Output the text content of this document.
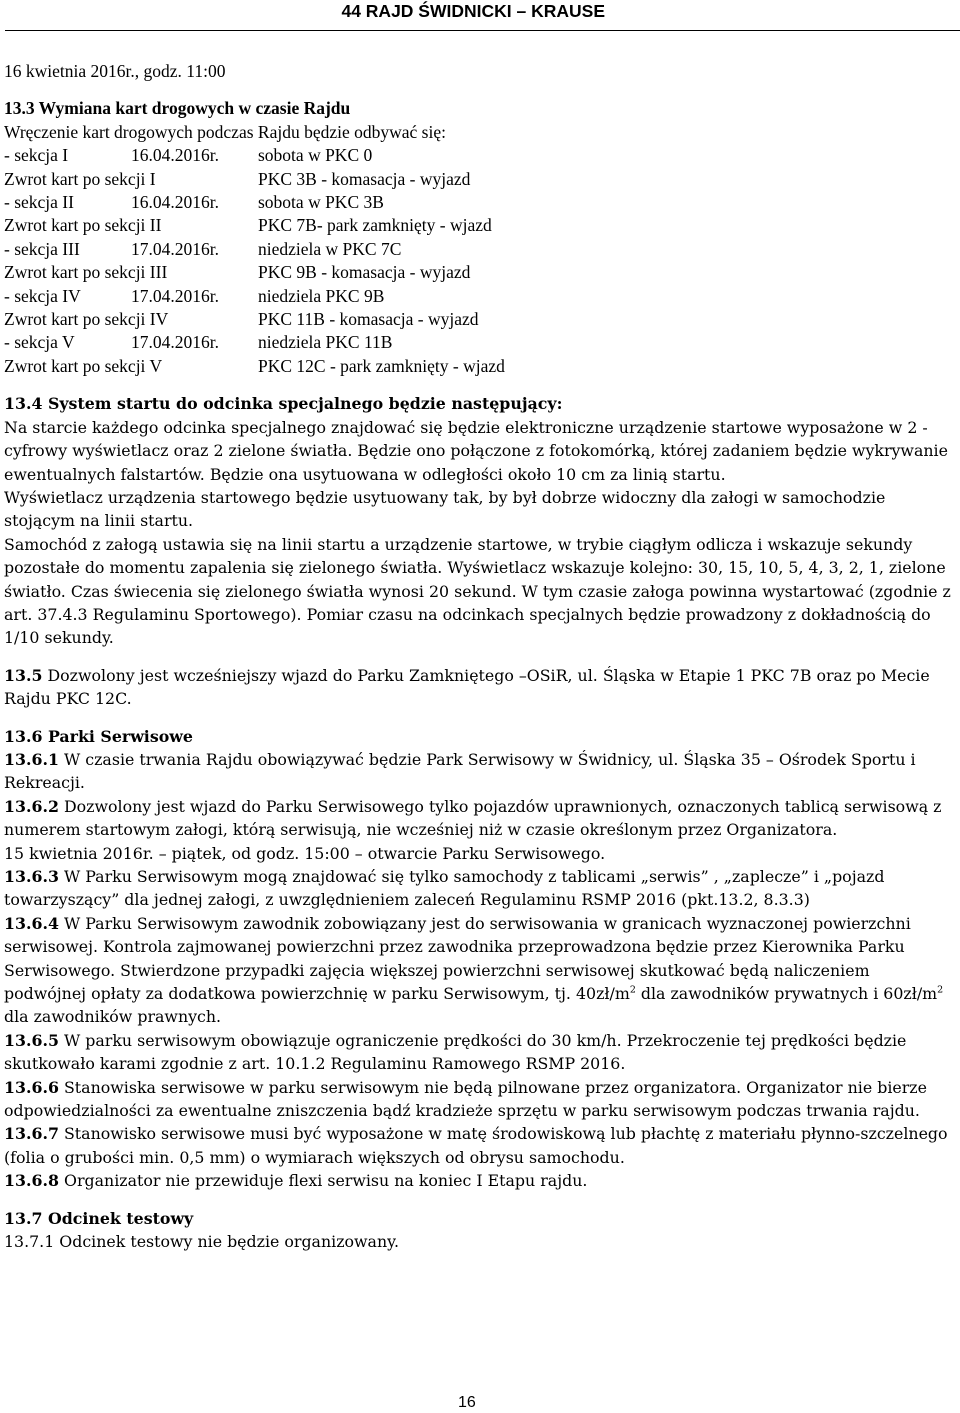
44 RAJD ŚWIDNICKI – KRAUSE

16 kwietnia 2016r., godz. 11:00

13.3 Wymiana kart drogowych w czasie Rajdu

Wręczenie kart drogowych podczas Rajdu będzie odbywać się:

- sekcja I	16.04.2016r.	sobota w PKC 0
Zwrot kart po sekcji I	PKC 3B - komasacja - wyjazd
- sekcja II	16.04.2016r.	sobota w PKC 3B
Zwrot kart po sekcji II	PKC 7B- park zamknięty - wjazd
- sekcja III	17.04.2016r.	niedziela w PKC 7C
Zwrot kart po sekcji III	PKC 9B - komasacja - wyjazd
- sekcja IV	17.04.2016r.	niedziela PKC 9B
Zwrot kart po sekcji IV	PKC 11B - komasacja - wyjazd
- sekcja V	17.04.2016r.	niedziela PKC 11B
Zwrot kart po sekcji V	PKC 12C - park zamknięty - wjazd

13.4 System startu do odcinka specjalnego będzie następujący:

Na starcie każdego odcinka specjalnego znajdować się będzie elektroniczne urządzenie startowe wyposażone w 2 - cyfrowy wyświetlacz oraz 2 zielone światła. Będzie ono połączone z fotokomórką, której zadaniem będzie wykrywanie ewentualnych falstartów. Będzie ona usytuowana w odległości około 10 cm za linią startu.

Wyświetlacz urządzenia startowego będzie usytuowany tak, by był dobrze widoczny dla załogi w samochodzie stojącym na linii startu.

Samochód z załogą ustawia się na linii startu a urządzenie startowe, w trybie ciągłym odlicza i wskazuje sekundy pozostałe do momentu zapalenia się zielonego światła. Wyświetlacz wskazuje kolejno: 30, 15, 10, 5, 4, 3, 2, 1, zielone światło. Czas świecenia się zielonego światła wynosi 20 sekund. W tym czasie załoga powinna wystartować (zgodnie z art. 37.4.3 Regulaminu Sportowego). Pomiar czasu na odcinkach specjalnych będzie prowadzony z dokładnością do 1/10 sekundy.

13.5 Dozwolony jest wcześniejszy wjazd do Parku Zamkniętego –OSiR, ul. Śląska w Etapie 1 PKC 7B oraz po Mecie Rajdu PKC 12C.

13.6 Parki Serwisowe

13.6.1 W czasie trwania Rajdu obowiązywać będzie Park Serwisowy w Świdnicy, ul. Śląska 35 – Ośrodek Sportu i Rekreacji.

13.6.2 Dozwolony jest wjazd do Parku Serwisowego tylko pojazdów uprawnionych, oznaczonych tablicą serwisową z numerem startowym załogi, którą serwisują, nie wcześniej niż w czasie określonym przez Organizatora.

15 kwietnia 2016r. – piątek, od godz. 15:00 – otwarcie Parku Serwisowego.

13.6.3 W Parku Serwisowym mogą znajdować się tylko samochody z tablicami „serwis” , „zaplecze” i „pojazd towarzyszący” dla jednej załogi, z uwzględnieniem zaleceń Regulaminu RSMP 2016 (pkt.13.2, 8.3.3)

13.6.4 W Parku Serwisowym zawodnik zobowiązany jest do serwisowania w granicach wyznaczonej powierzchni serwisowej. Kontrola zajmowanej powierzchni przez zawodnika przeprowadzona będzie przez Kierownika Parku Serwisowego. Stwierdzone przypadki zajęcia większej powierzchni serwisowej skutkować będą naliczeniem podwójnej opłaty za dodatkowa powierzchnię w parku Serwisowym, tj. $40zł/m^2$ dla zawodników prywatnych i $60zł/m^2$ dla zawodników prawnych.

13.6.5 W parku serwisowym obowiązuje ograniczenie prędkości do 30 km/h. Przekroczenie tej prędkości będzie skutkowało karami zgodnie z art. 10.1.2 Regulaminu Ramowego RSMP 2016.

13.6.6 Stanowiska serwisowe w parku serwisowym nie będą pilnowane przez organizatora. Organizator nie bierze odpowiedzialności za ewentualne zniszczenia bądź kradzieże sprzętu w parku serwisowym podczas trwania rajdu.

13.6.7 Stanowisko serwisowe musi być wyposażone w matę środowiskową lub płachtę z materiału płynno-szczelnego (folia o grubości min. 0,5 mm) o wymiarach większych od obrysu samochodu.

13.6.8 Organizator nie przewiduje flexi serwisu na koniec I Etapu rajdu.

13.7 Odcinek testowy

13.7.1 Odcinek testowy nie będzie organizowany.

16
